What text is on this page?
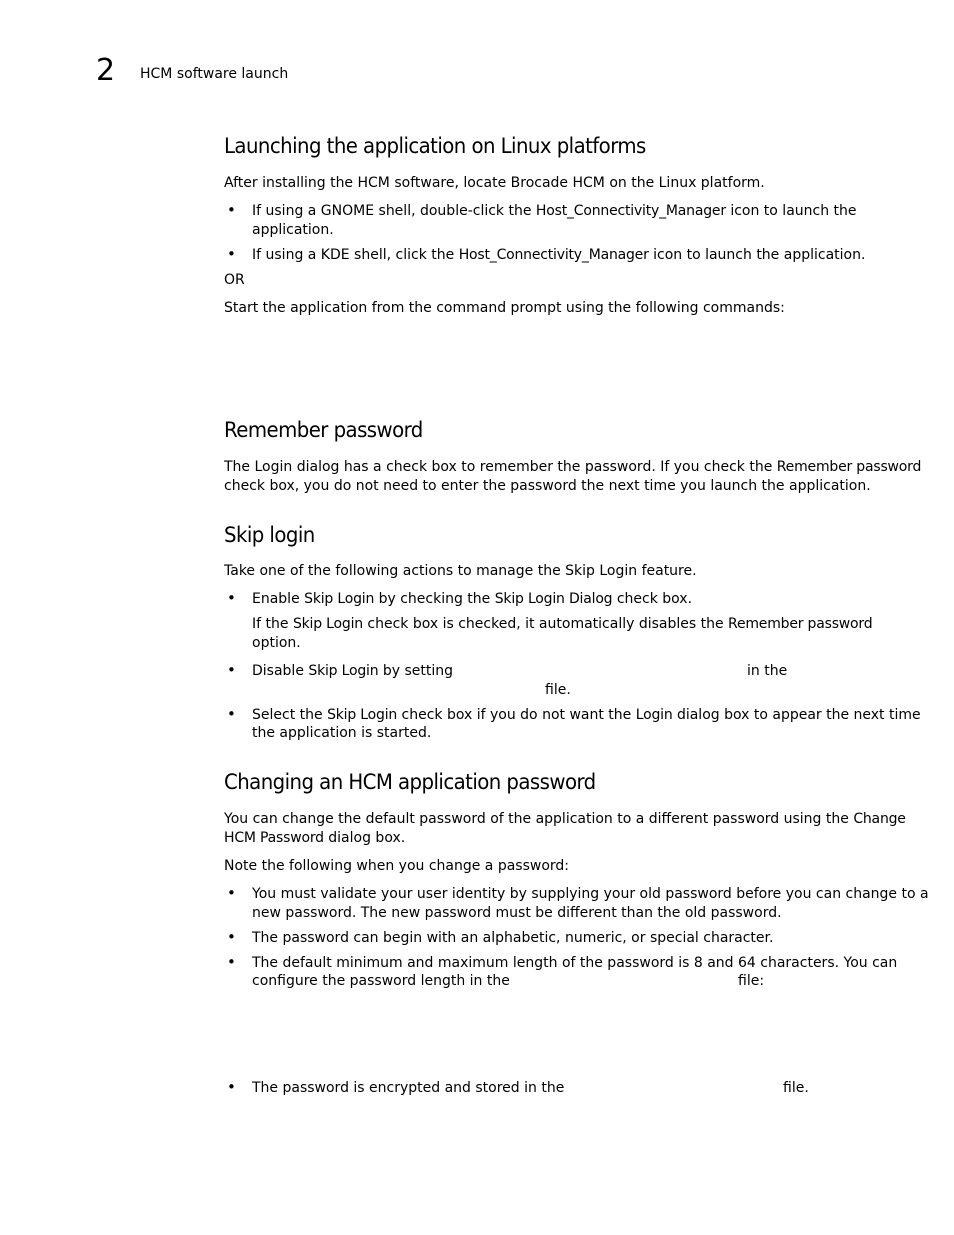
2 HCM software launch
Launching the application on Linux platforms
After installing the HCM software, locate Brocade HCM on the Linux platform.
• If using a GNOME shell, double-click the Host_Connectivity_Manager icon to launch the
application.
• If using a KDE shell, click the Host_Connectivity_Manager icon to launch the application.
OR
Start the application from the command prompt using the following commands:
Remember password
The Login dialog has a check box to remember the password. If you check the Remember password
check box, you do not need to enter the password the next time you launch the application.
Skip login
Take one of the following actions to manage the Skip Login feature.
• Enable Skip Login by checking the Skip Login Dialog check box.
If the Skip Login check box is checked, it automatically disables the Remember password
option.
• Disable Skip Login by setting	in the
file.
• Select the Skip Login check box if you do not want the Login dialog box to appear the next time
the application is started.
Changing an HCM application password
You can change the default password of the application to a different password using the Change
HCM Password dialog box.
Note the following when you change a password:
• You must validate your user identity by supplying your old password before you can change to a
new password. The new password must be different than the old password.
• The password can begin with an alphabetic, numeric, or special character.
• The default minimum and maximum length of the password is 8 and 64 characters. You can
configure the password length in the	file:
• The password is encrypted and stored in the	file.
